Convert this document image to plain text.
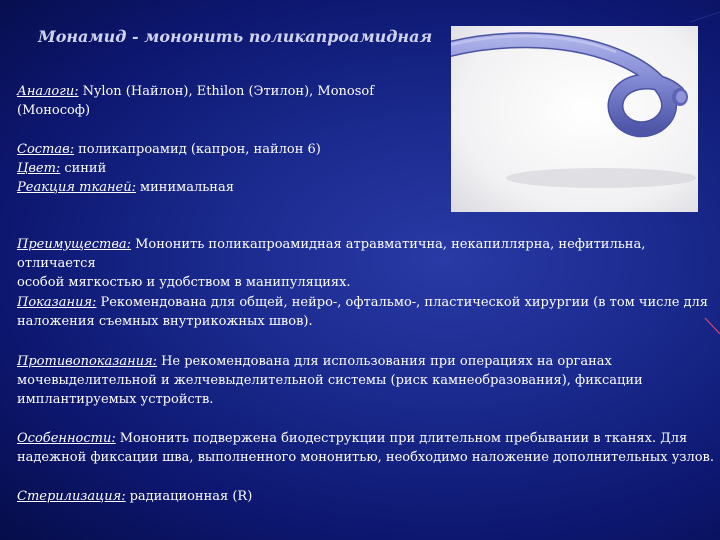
Монамид - мононить поликапроамидная
Аналоги: Nylon (Найлон), Ethilon (Этилон), Monosof
(Монософ)
Состав: поликапроамид (капрон, найлон 6)
Цвет: синий
Реакция тканей: минимальная
Преимущества: Мононить поликапроамидная атравматична, некапиллярна, нефитильна, отличается
особой мягкостью и удобством в манипуляциях.
Показания: Рекомендована для общей, нейро-, офтальмо-, пластической хирургии (в том числе для
наложения съемных внутрикожных швов).
Противопоказания: Не рекомендована для использования при операциях на органах
мочевыделительной и желчевыделительной системы (риск камнеобразования), фиксации
имплантируемых устройств.
Особенности: Мононить подвержена биодеструкции при длительном пребывании в тканях. Для
надежной фиксации шва, выполненного мононитью, необходимо наложение дополнительных узлов.
Стерилизация: радиационная (R)
